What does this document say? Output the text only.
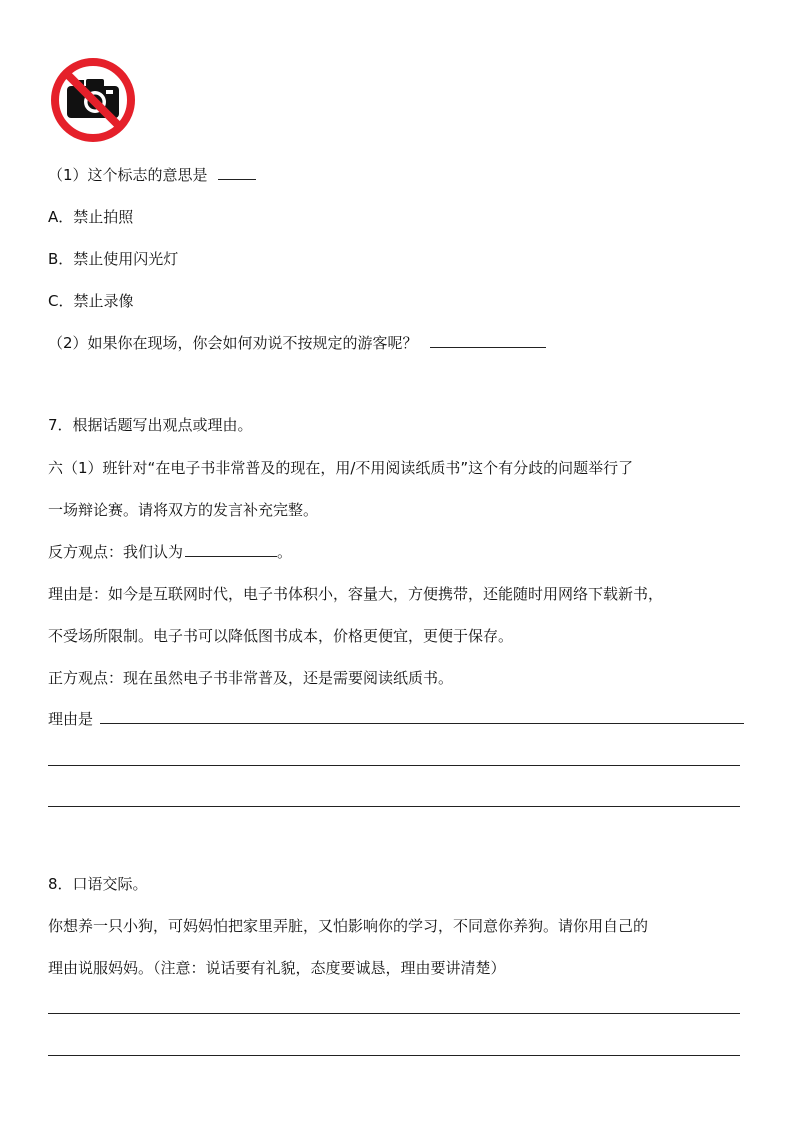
（1）这个标志的意思是
A．禁止拍照
B．禁止使用闪光灯
C．禁止录像
（2）如果你在现场，你会如何劝说不按规定的游客呢？
7．根据话题写出观点或理由。
六（1）班针对“在电子书非常普及的现在，用/不用阅读纸质书”这个有分歧的问题举行了
一场辩论赛。请将双方的发言补充完整。
反方观点：我们认为	。
理由是：如今是互联网时代，电子书体积小，容量大，方便携带，还能随时用网络下载新书，
不受场所限制。电子书可以降低图书成本，价格更便宜，更便于保存。
正方观点：现在虽然电子书非常普及，还是需要阅读纸质书。
理由是
8．口语交际。
你想养一只小狗，可妈妈怕把家里弄脏，又怕影响你的学习，不同意你养狗。请你用自己的
理由说服妈妈。（注意：说话要有礼貌，态度要诚恳，理由要讲清楚）
